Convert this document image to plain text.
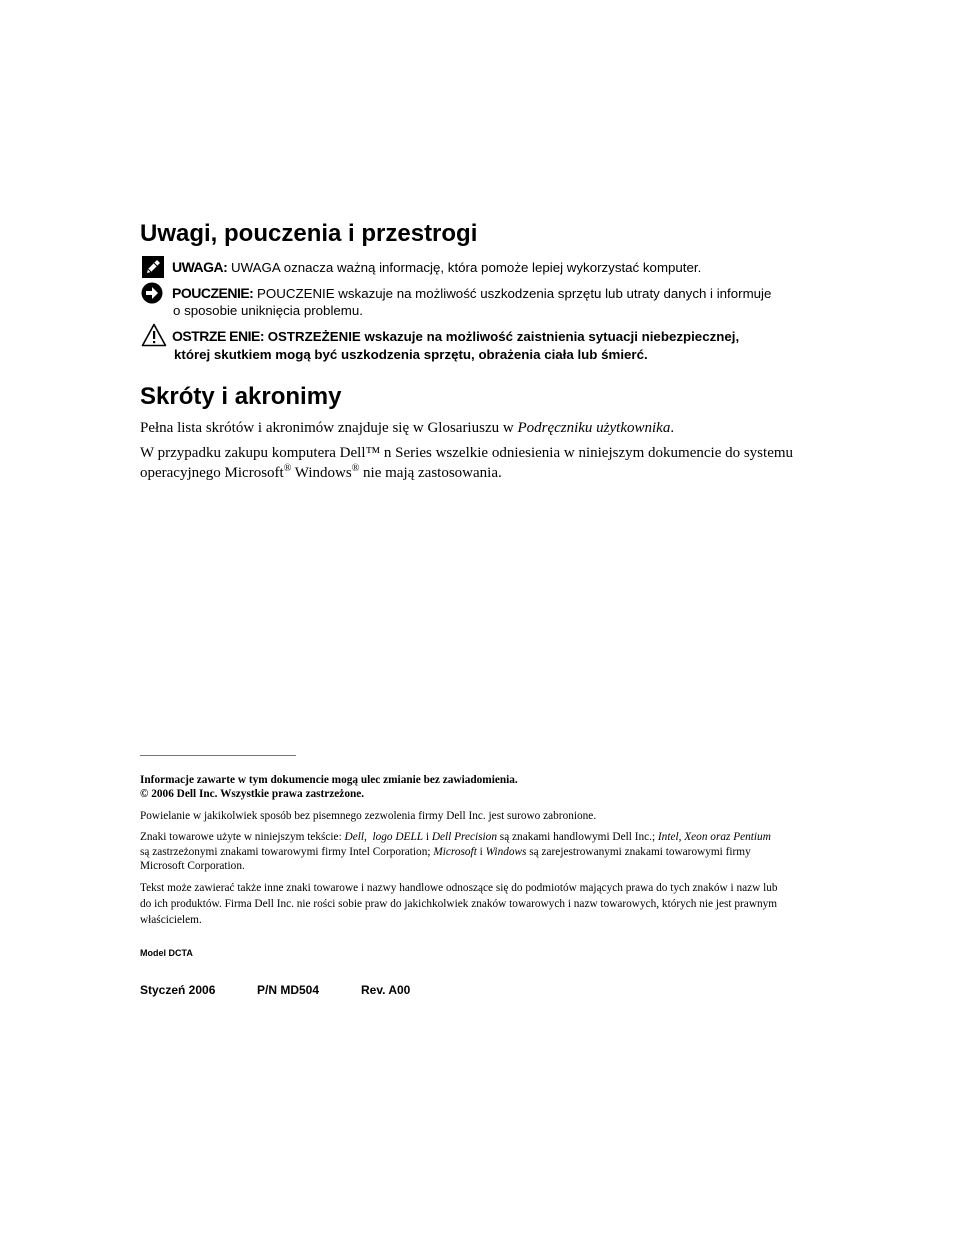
Uwagi, pouczenia i przestrogi
UWAGA: UWAGA oznacza ważną informację, która pomoże lepiej wykorzystać komputer.
POUCZENIE: POUCZENIE wskazuje na możliwość uszkodzenia sprzętu lub utraty danych i informuje
o sposobie uniknięcia problemu.
OSTRZE ENIE: OSTRZEŻENIE wskazuje na możliwość zaistnienia sytuacji niebezpiecznej,
której skutkiem mogą być uszkodzenia sprzętu, obrażenia ciała lub śmierć.
Skróty i akronimy
Pełna lista skrótów i akronimów znajduje się w Glosariuszu w Podręczniku użytkownika.
W przypadku zakupu komputera Dell™ n Series wszelkie odniesienia w niniejszym dokumencie do systemu
operacyjnego Microsoft® Windows® nie mają zastosowania.
Informacje zawarte w tym dokumencie mogą ulec zmianie bez zawiadomienia.
© 2006 Dell Inc. Wszystkie prawa zastrzeżone.
Powielanie w jakikolwiek sposób bez pisemnego zezwolenia firmy Dell Inc. jest surowo zabronione.
Znaki towarowe użyte w niniejszym tekście: Dell,  logo DELL i Dell Precision są znakami handlowymi Dell Inc.; Intel, Xeon oraz Pentium
są zastrzeżonymi znakami towarowymi firmy Intel Corporation; Microsoft i Windows są zarejestrowanymi znakami towarowymi firmy
Microsoft Corporation.
Tekst może zawierać także inne znaki towarowe i nazwy handlowe odnoszące się do podmiotów mających prawa do tych znaków i nazw lub
do ich produktów. Firma Dell Inc. nie rości sobie praw do jakichkolwiek znaków towarowych i nazw towarowych, których nie jest prawnym
właścicielem.
Model DCTA
Styczeń 2006	P/N MD504	Rev. A00
